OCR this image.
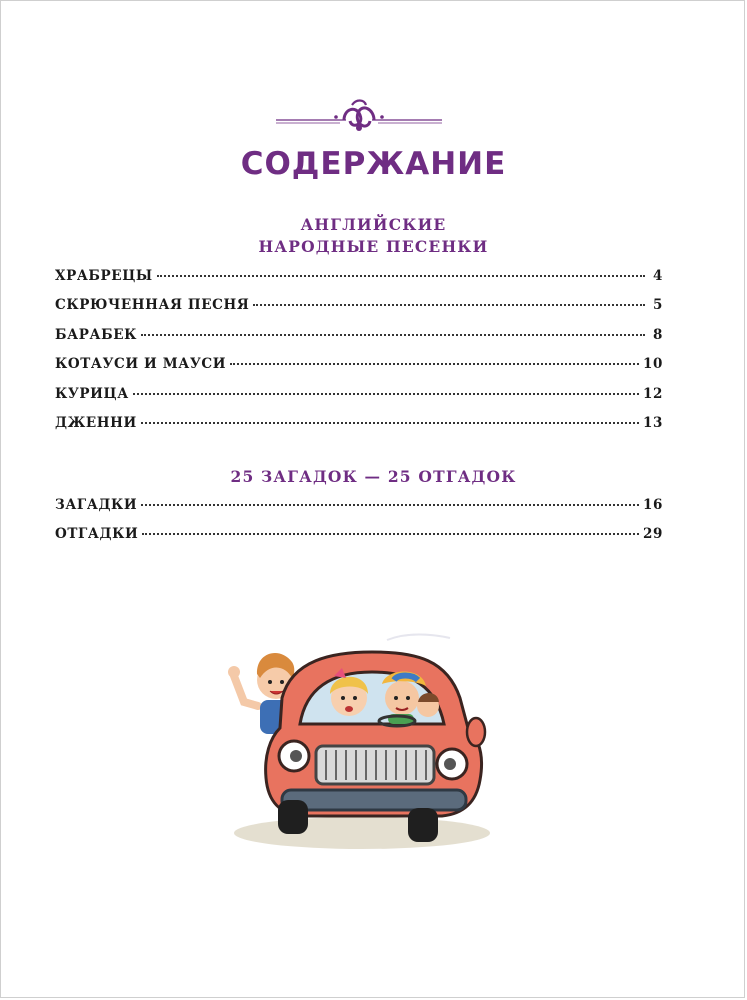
СОДЕРЖАНИЕ
АНГЛИЙСКИЕ
НАРОДНЫЕ ПЕСЕНКИ
ХРАБРЕЦЫ	4
СКРЮЧЕННАЯ ПЕСНЯ	5
БАРАБЕК	8
КОТАУСИ И МАУСИ	10
КУРИЦА	12
ДЖЕННИ	13
25 ЗАГАДОК — 25 ОТГАДОК
ЗАГАДКИ	16
ОТГАДКИ	29
